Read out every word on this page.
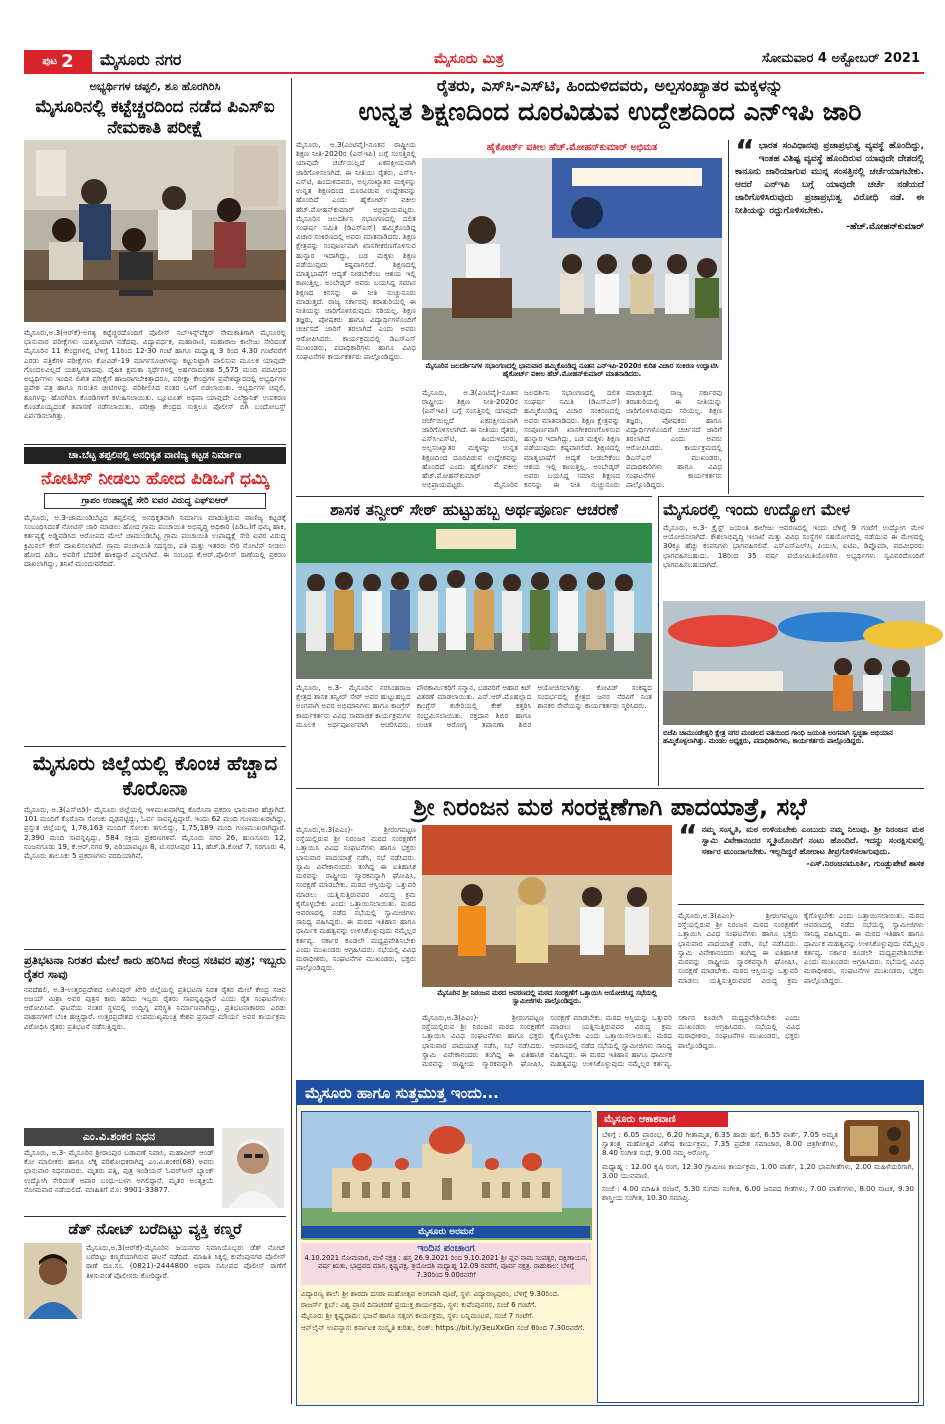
ಪುಟ 2 ಮೈಸೂರು ನಗರ	ಮೈಸೂರು ಮಿತ್ರ	ಸೋಮವಾರ 4 ಅಕ್ಟೋಬರ್ 2021
ಅಭ್ಯರ್ಥಿಗಳ ಚಪ್ಪಲಿ, ಶೂ ಹೊರಗಿರಿಸಿ
ಮೈಸೂರಿನಲ್ಲಿ ಕಟ್ಟೆಚ್ಚರದಿಂದ ನಡೆದ ಪಿಎಸ್‌ಐ ನೇಮಕಾತಿ ಪರೀಕ್ಷೆ
ಮೈಸೂರು,ಅ.3(ಆರ್‌ಕೆ)-ಅಗತ್ಯ ಕಟ್ಟೆಚ್ಚರದೊಂದಿಗೆ ಪೊಲೀಸ್ ಸಬ್‌ಇನ್ಸ್‌ಪೆಕ್ಟರ್ ನೇಮಕಾತಿಗಾಗಿ ಮೈಸೂರಲ್ಲಿ ಭಾನುವಾರ ಪರೀಕ್ಷೆಗಳು ಯಶಸ್ವಿಯಾಗಿ ನಡೆದವು. ವಿದ್ಯಾವರ್ಧಕ, ಮಹಾರಾಣಿ, ಮಹಾರಾಜ ಕಾಲೇಜು ಸೇರಿದಂತೆ ಮೈಸೂರಿನ 11 ಕೇಂದ್ರಗಳಲ್ಲಿ ಬೆಳಿಗ್ಗೆ 11ರಿಂದ 12-30 ಗಂಟೆ ಹಾಗೂ ಮಧ್ಯಾಹ್ನ 3 ರಿಂದ 4.30 ಗಂಟೆವರೆಗೆ ಎರಡು ಪತ್ರಿಕೆಗಳ ಪರೀಕ್ಷೆಗಳು ಕೋವಿಡ್-19 ಮಾರ್ಗಸೂಚಿಗಳನ್ನು ಕಟ್ಟುನಿಟ್ಟಾಗಿ ಪಾಲಿಸುವ ಮೂಲಕ ಯಾವುದೇ ಗೊಂದಲವಿಲ್ಲದೆ ಯಶಸ್ವಿಯಾದವು. ದೈಹಿಕ ಕ್ಷಮತಾ ಸ್ಪರ್ಧೆಗಳಲ್ಲಿ ಅರ್ಹರಾದಂತಹ 5,575 ಮಂದಿ ಪದವೀಧರ ಅಭ್ಯರ್ಥಿಗಳು ಇಂದಿನ ಲಿಖಿತ ಪರೀಕ್ಷೆಗೆ ಹಾಜರಾಗಬೇಕಿತ್ತಾದರೂ, ಪರೀಕ್ಷಾ ಕೇಂದ್ರಗಳ ಪ್ರವೇಶದ್ವಾರದಲ್ಲಿ ಅಭ್ಯರ್ಥಿಗಳ ಪ್ರವೇಶ ಪತ್ರ ಹಾಗೂ ಗುರುತಿನ ಚೀಟಿಗಳನ್ನು ಪರಿಶೀಲಿಸಿದ ನಂತರ ಒಳಗೆ ಬಿಡಲಾಯಿತು. ಅಭ್ಯರ್ಥಿಗಳ ಚಪ್ಪಲಿ, ಶೂಗಳನ್ನು ಹೊರಗಿರಿಸಿ ಕೊಠಡಿಗಳಿಗೆ ಕಳುಹಿಸಲಾಯಿತು. ಬ್ಲೂಟೂತ್ ಅಥವಾ ಯಾವುದೇ ಎಲೆಕ್ಟ್ರಾನಿಕ್ ಉಪಕರಣ ಕೊಂಡೊಯ್ಯದಂತೆ ತಪಾಸಣೆ ನಡೆಸಲಾಯಿತು. ಪರೀಕ್ಷಾ ಕೇಂದ್ರದ ಸುತ್ತಲೂ ಪೊಲೀಸ್ ಬಿಗಿ ಬಂದೋಬಸ್ತ್ ಏರ್ಪಡಿಸಲಾಗಿತ್ತು.
ಚಾ.ಬೆಟ್ಟ ತಪ್ಪಲಿನಲ್ಲಿ ಅನಧಿಕೃತ ವಾಣಿಜ್ಯ ಕಟ್ಟಡ ನಿರ್ಮಾಣ
ನೋಟಿಸ್ ನೀಡಲು ಹೋದ ಪಿಡಿಒಗೆ ಧಮ್ಕಿ
ಗ್ರಾಪಂ ಉಪಾಧ್ಯಕ್ಷೆ ಸೇರಿ ಐವರ ವಿರುದ್ಧ ಎಫ್‌ಐಆರ್
ಮೈಸೂರು, ಅ.3-ಚಾಮುಂಡಿಬೆಟ್ಟದ ತಪ್ಪಲಿನಲ್ಲಿ ಅನಧಿಕೃತವಾಗಿ ನಿರ್ಮಾಣ ಮಾಡುತ್ತಿರುವ ವಾಣಿಜ್ಯ ಕಟ್ಟಡಕ್ಕೆ ಸಂಬಂಧಿಸಿದಂತೆ ನೋಟಿಸ್ ಜಾರಿ ಮಾಡಲು ಹೋದ ಗ್ರಾಮ ಪಂಚಾಯಿತಿ ಅಭಿವೃದ್ಧಿ ಅಧಿಕಾರಿ (ಪಿಡಿಒ)ಗೆ ಧಮ್ಕಿ ಹಾಕಿ, ಕರ್ತವ್ಯಕ್ಕೆ ಅಡ್ಡಿಪಡಿಸಿದ ಆರೋಪದ ಮೇಲೆ ಚಾಮುಂಡಿಬೆಟ್ಟ ಗ್ರಾಮ ಪಂಚಾಯಿತಿ ಉಪಾಧ್ಯಕ್ಷೆ ಸೇರಿ ಐವರ ವಿರುದ್ಧ ಕ್ರಿಮಿನಲ್ ಕೇಸ್ ದಾಖಲಿಸಲಾಗಿದೆ. ಗ್ರಾಮ ಪಂಚಾಯಿತಿ ಸದಸ್ಯರು, ಪತಿ ಮತ್ತು ಇತರರು ಸೇರಿ ನೋಟಿಸ್ ನೀಡಲು ಹೋದ ಪಿಡಿಒ ಅವರಿಗೆ ಬೆದರಿಕೆ ಹಾಕಿದ್ದಾರೆ ಎನ್ನಲಾಗಿದೆ. ಈ ಸಂಬಂಧ ಕೆ.ಆರ್.ಪೊಲೀಸ್ ಠಾಣೆಯಲ್ಲಿ ಪ್ರಕರಣ ದಾಖಲಾಗಿದ್ದು, ತನಿಖೆ ಮುಂದುವರೆದಿದೆ.
ಮೈಸೂರು ಜಿಲ್ಲೆಯಲ್ಲಿ ಕೊಂಚ ಹೆಚ್ಚಾದ ಕೊರೊನಾ
ಮೈಸೂರು, ಅ.3(ಎಸ್‌ಬಿಡಿ)- ಮೈಸೂರು ಜಿಲ್ಲೆಯಲ್ಲಿ ಇಳಿಮುಖವಾಗಿದ್ದ ಕೊರೊನಾ ಪ್ರಕರಣ ಭಾನುವಾರ ಹೆಚ್ಚಾಗಿದೆ. 101 ಮಂದಿಗೆ ಕೊರೊನಾ ಸೋಂಕು ದೃಢಪಟ್ಟಿದ್ದು, ಓರ್ವ ಸಾವನ್ನಪ್ಪಿದ್ದಾರೆ. ಇಂದು 62 ಮಂದಿ ಗುಣಮುಖರಾಗಿದ್ದು, ಪ್ರಸ್ತುತ ಜಿಲ್ಲೆಯಲ್ಲಿ 1,78,163 ಮಂದಿಗೆ ಸೋಂಕು ತಗುಲಿದ್ದು, 1,75,189 ಮಂದಿ ಗುಣಮುಖರಾಗಿದ್ದಾರೆ. 2,390 ಮಂದಿ ಸಾವನ್ನಪ್ಪಿದ್ದು, 584 ಸಕ್ರಿಯ ಪ್ರಕರಣಗಳಿವೆ. ಮೈಸೂರು ನಗರ 26, ಹುಣಸೂರು 12, ನಂಜನಗೂಡು 19, ಕೆ.ಆರ್.ನಗರ 9, ಪಿರಿಯಾಪಟ್ಟಣ 8, ಟಿ.ನರಸೀಪುರ 11, ಹೆಚ್.ಡಿ.ಕೋಟೆ 7, ಸರಗೂರು 4, ಮೈಸೂರು ತಾಲೂಕು 5 ಪ್ರಕರಣಗಳು ವರದಿಯಾಗಿವೆ.
ಪ್ರತಿಭಟನಾ ನಿರತರ ಮೇಲೆ ಕಾರು ಹರಿಸಿದ ಕೇಂದ್ರ ಸಚಿವರ ಪುತ್ರ; ಇಬ್ಬರು ರೈತರ ಸಾವು
ನವದೆಹಲಿ, ಅ.3-ಉತ್ತರಪ್ರದೇಶದ ಲಖಿಂಪುರ್ ಖೇರಿ ಜಿಲ್ಲೆಯಲ್ಲಿ ಪ್ರತಿಭಟನಾ ನಿರತ ರೈತರ ಮೇಲೆ ಕೇಂದ್ರ ಸಚಿವ ಅಜಯ್ ಮಿಶ್ರಾ ಅವರ ಪುತ್ರನ ಕಾರು ಹರಿದು ಇಬ್ಬರು ರೈತರು ಸಾವನ್ನಪ್ಪಿದ್ದಾರೆ ಎಂದು ರೈತ ಸಂಘಟನೆಗಳು ಆರೋಪಿಸಿವೆ. ಘಟನೆಯ ನಂತರ ಸ್ಥಳದಲ್ಲಿ ಉದ್ವಿಗ್ನ ಪರಿಸ್ಥಿತಿ ನಿರ್ಮಾಣವಾಗಿದ್ದು, ಪ್ರತಿಭಟನಾಕಾರರು ಎರಡು ವಾಹನಗಳಿಗೆ ಬೆಂಕಿ ಹಚ್ಚಿದ್ದಾರೆ. ಉತ್ತರಪ್ರದೇಶದ ಉಪಮುಖ್ಯಮಂತ್ರಿ ಕೇಶವ ಪ್ರಸಾದ್ ಮೌರ್ಯ ಅವರ ಕಾರ್ಯಕ್ರಮ ವಿರೋಧಿಸಿ ರೈತರು ಪ್ರತಿಭಟನೆ ನಡೆಸುತ್ತಿದ್ದರು.
ಎಂ.ವಿ.ಶಂಕರ ನಿಧನ
ಮೈಸೂರು, ಅ.3- ಮೈಸೂರಿನ ಶ್ರೀರಾಂಪುರ ಬಡಾವಣೆ ನಿವಾಸಿ, ಮಹಾವೀರ್ ಆಂಡ್ ಕೋ ಮಾಲೀಕರು ಹಾಗೂ ಲೆಕ್ಕ ಪರಿಶೋಧಕರಾಗಿದ್ದ ಎಂ.ವಿ.ಶಂಕರ(68) ಅವರು ಭಾನುವಾರ ನಿಧನರಾದರು. ಮೃತರು ಪತ್ನಿ, ಪುತ್ರ ಇಂಡಿಯನ್ ಓವರ್‌ಸೀಸ್ ಬ್ಯಾಂಕ್ ಉದ್ಯೋಗಿ ಸೇರಿದಂತೆ ಅಪಾರ ಬಂಧು-ಬಳಗ ಅಗಲಿದ್ದಾರೆ. ಮೃತರ ಅಂತ್ಯಕ್ರಿಯೆ ಸೋಮವಾರ ನಡೆಯಲಿದೆ. ಮಾಹಿತಿಗೆ ಮೊ: 9901-33877.
ಡೆತ್ ನೋಟ್ ಬರೆದಿಟ್ಟು ವ್ಯಕ್ತಿ ಕಣ್ಮರೆ
ಮೈಸೂರು,ಅ.3(ಆರ್‌ಕೆ)-ಮೈಸೂರಿನ ಜಯನಗರ ನಿವಾಸಿಯೊಬ್ಬರು ಡೆತ್ ನೋಟ್ ಬರೆದಿಟ್ಟು ಕಣ್ಮರೆಯಾಗಿರುವ ಘಟನೆ ನಡೆದಿದೆ. ಮಾಹಿತಿ ಸಿಕ್ಕಲ್ಲಿ ಕುವೆಂಪುನಗರ ಪೊಲೀಸ್ ಠಾಣೆ ದೂ.ಸಂ. (0821)-2444800 ಅಥವಾ ಸಮೀಪದ ಪೊಲೀಸ್ ಠಾಣೆಗೆ ತಿಳಿಸುವಂತೆ ಪೊಲೀಸರು ಕೋರಿದ್ದಾರೆ.
ರೈತರು, ಎಸ್‌ಸಿ-ಎಸ್‌ಟಿ, ಹಿಂದುಳಿದವರು, ಅಲ್ಪಸಂಖ್ಯಾತರ ಮಕ್ಕಳನ್ನು
ಉನ್ನತ ಶಿಕ್ಷಣದಿಂದ ದೂರವಿಡುವ ಉದ್ದೇಶದಿಂದ ಎನ್‌ಇಪಿ ಜಾರಿ
ಮೈಸೂರು, ಅ.3(ಎಂಟಿವೈ)-ನೂತನ ರಾಷ್ಟ್ರೀಯ ಶಿಕ್ಷಣ ನೀತಿ-2020ರ (ಎನ್‌ಇಪಿ) ಬಗ್ಗೆ ಸಂಸತ್ತಿನಲ್ಲಿ ಯಾವುದೇ ಚರ್ಚೆಯಿಲ್ಲದೆ ಏಕಪಕ್ಷೀಯವಾಗಿ ಜಾರಿಗೊಳಿಸಲಾಗಿದೆ. ಈ ನೀತಿಯು ರೈತರು, ಎಸ್‌ಸಿ-ಎಸ್‌ಟಿ, ಹಿಂದುಳಿದವರು, ಅಲ್ಪಸಂಖ್ಯಾತರ ಮಕ್ಕಳನ್ನು ಉನ್ನತ ಶಿಕ್ಷಣದಿಂದ ದೂರವಿಡುವ ಉದ್ದೇಶವನ್ನು ಹೊಂದಿದೆ ಎಂದು ಹೈಕೋರ್ಟ್ ವಕೀಲ ಹೆಚ್.ಮೋಹನ್‌ಕುಮಾರ್ ಅಭಿಪ್ರಾಯಪಟ್ಟರು. ಮೈಸೂರಿನ ಜಲದರ್ಶಿನಿ ಸಭಾಂಗಣದಲ್ಲಿ ದಲಿತ ಸಂಘರ್ಷ ಸಮಿತಿ (ಡಿಎಸ್‌ಎಸ್) ಹಮ್ಮಿಕೊಂಡಿದ್ದ ವಿಚಾರ ಸಂಕಿರಣದಲ್ಲಿ ಅವರು ಮಾತನಾಡಿದರು. ಶಿಕ್ಷಣ ಕ್ಷೇತ್ರವನ್ನು ಸಂಪೂರ್ಣವಾಗಿ ಖಾಸಗೀಕರಣಗೊಳಿಸುವ ಹುನ್ನಾರ ಇದಾಗಿದ್ದು, ಬಡ ಮಕ್ಕಳು ಶಿಕ್ಷಣ ಪಡೆಯುವುದು ಕಷ್ಟವಾಗಲಿದೆ. ಶಿಕ್ಷಣದಲ್ಲಿ ಮಾತೃಭಾಷೆಗೆ ಆದ್ಯತೆ ನೀಡಬೇಕೆಂಬ ಆಶಯ ಇಲ್ಲಿ ಕಾಣುತ್ತಿಲ್ಲ. ಅಂಬೇಡ್ಕರ್ ಅವರು ಬಯಸಿದ್ದ ಸಮಾನ ಶಿಕ್ಷಣದ ಕನಸನ್ನು ಈ ನೀತಿ ನುಚ್ಚುನೂರು ಮಾಡುತ್ತದೆ. ರಾಜ್ಯ ಸರ್ಕಾರವು ತರಾತುರಿಯಲ್ಲಿ ಈ ನೀತಿಯನ್ನು ಜಾರಿಗೊಳಿಸಿರುವುದು ಸರಿಯಲ್ಲ. ಶಿಕ್ಷಣ ತಜ್ಞರು, ಪೋಷಕರು ಹಾಗೂ ವಿದ್ಯಾರ್ಥಿಗಳೊಂದಿಗೆ ಚರ್ಚಿಸದೆ ಜಾರಿಗೆ ತರಲಾಗಿದೆ ಎಂದು ಅವರು ಆರೋಪಿಸಿದರು. ಕಾರ್ಯಕ್ರಮದಲ್ಲಿ ಡಿಎಸ್‌ಎಸ್ ಮುಖಂಡರು, ಪದಾಧಿಕಾರಿಗಳು ಹಾಗೂ ವಿವಿಧ ಸಂಘಟನೆಗಳ ಕಾರ್ಯಕರ್ತರು ಪಾಲ್ಗೊಂಡಿದ್ದರು.
ಹೈಕೋರ್ಟ್ ವಕೀಲ ಹೆಚ್.ಮೋಹನ್‌ಕುಮಾರ್ ಅಭಿಮತ
ಮೈಸೂರಿನ ಜಲದರ್ಶಿನಿಗಳ ಸಭಾಂಗಣದಲ್ಲಿ ಭಾನುವಾರ ಹಮ್ಮಿಕೊಂಡಿದ್ದ ನೂತನ ಎನ್‌ಇಪಿ-2020ರ ಕುರಿತ ವಿಚಾರ ಸಂಕಿರಣ ಉದ್ಘಾಟಿಸಿ ಹೈಕೋರ್ಟ್ ವಕೀಲ ಹೆಚ್.ಮೋಹನ್‌ಕುಮಾರ್ ಮಾತನಾಡಿದರು.
ಮೈಸೂರು, ಅ.3(ಎಂಟಿವೈ)-ನೂತನ ರಾಷ್ಟ್ರೀಯ ಶಿಕ್ಷಣ ನೀತಿ-2020ರ (ಎನ್‌ಇಪಿ) ಬಗ್ಗೆ ಸಂಸತ್ತಿನಲ್ಲಿ ಯಾವುದೇ ಚರ್ಚೆಯಿಲ್ಲದೆ ಏಕಪಕ್ಷೀಯವಾಗಿ ಜಾರಿಗೊಳಿಸಲಾಗಿದೆ. ಈ ನೀತಿಯು ರೈತರು, ಎಸ್‌ಸಿ-ಎಸ್‌ಟಿ, ಹಿಂದುಳಿದವರು, ಅಲ್ಪಸಂಖ್ಯಾತರ ಮಕ್ಕಳನ್ನು ಉನ್ನತ ಶಿಕ್ಷಣದಿಂದ ದೂರವಿಡುವ ಉದ್ದೇಶವನ್ನು ಹೊಂದಿದೆ ಎಂದು ಹೈಕೋರ್ಟ್ ವಕೀಲ ಹೆಚ್.ಮೋಹನ್‌ಕುಮಾರ್ ಅಭಿಪ್ರಾಯಪಟ್ಟರು. ಮೈಸೂರಿನ ಜಲದರ್ಶಿನಿ ಸಭಾಂಗಣದಲ್ಲಿ ದಲಿತ ಸಂಘರ್ಷ ಸಮಿತಿ (ಡಿಎಸ್‌ಎಸ್) ಹಮ್ಮಿಕೊಂಡಿದ್ದ ವಿಚಾರ ಸಂಕಿರಣದಲ್ಲಿ ಅವರು ಮಾತನಾಡಿದರು. ಶಿಕ್ಷಣ ಕ್ಷೇತ್ರವನ್ನು ಸಂಪೂರ್ಣವಾಗಿ ಖಾಸಗೀಕರಣಗೊಳಿಸುವ ಹುನ್ನಾರ ಇದಾಗಿದ್ದು, ಬಡ ಮಕ್ಕಳು ಶಿಕ್ಷಣ ಪಡೆಯುವುದು ಕಷ್ಟವಾಗಲಿದೆ. ಶಿಕ್ಷಣದಲ್ಲಿ ಮಾತೃಭಾಷೆಗೆ ಆದ್ಯತೆ ನೀಡಬೇಕೆಂಬ ಆಶಯ ಇಲ್ಲಿ ಕಾಣುತ್ತಿಲ್ಲ. ಅಂಬೇಡ್ಕರ್ ಅವರು ಬಯಸಿದ್ದ ಸಮಾನ ಶಿಕ್ಷಣದ ಕನಸನ್ನು ಈ ನೀತಿ ನುಚ್ಚುನೂರು ಮಾಡುತ್ತದೆ. ರಾಜ್ಯ ಸರ್ಕಾರವು ತರಾತುರಿಯಲ್ಲಿ ಈ ನೀತಿಯನ್ನು ಜಾರಿಗೊಳಿಸಿರುವುದು ಸರಿಯಲ್ಲ. ಶಿಕ್ಷಣ ತಜ್ಞರು, ಪೋಷಕರು ಹಾಗೂ ವಿದ್ಯಾರ್ಥಿಗಳೊಂದಿಗೆ ಚರ್ಚಿಸದೆ ಜಾರಿಗೆ ತರಲಾಗಿದೆ ಎಂದು ಅವರು ಆರೋಪಿಸಿದರು. ಕಾರ್ಯಕ್ರಮದಲ್ಲಿ ಡಿಎಸ್‌ಎಸ್ ಮುಖಂಡರು, ಪದಾಧಿಕಾರಿಗಳು ಹಾಗೂ ವಿವಿಧ ಸಂಘಟನೆಗಳ ಕಾರ್ಯಕರ್ತರು ಪಾಲ್ಗೊಂಡಿದ್ದರು.
“ ಭಾರತ ಸಂವಿಧಾನವು ಪ್ರಜಾಪ್ರಭುತ್ವ ವ್ಯವಸ್ಥೆ ಹೊಂದಿದ್ದು, ಇಂತಹ ವಿಶಿಷ್ಟ ವ್ಯವಸ್ಥೆ ಹೊಂದಿರುವ ಯಾವುದೇ ದೇಶದಲ್ಲಿ ಕಾನೂನು ಜಾರಿಯಾಗುವ ಮುನ್ನ ಸಂಸತ್ತಿನಲ್ಲಿ ಚರ್ಚೆಯಾಗಬೇಕು. ಆದರೆ ಎನ್‌ಇಪಿ ಬಗ್ಗೆ ಯಾವುದೇ ಚರ್ಚೆ ನಡೆಯದೆ ಜಾರಿಗೊಳಿಸಿರುವುದು ಪ್ರಜಾಪ್ರಭುತ್ವ ವಿರೋಧಿ ನಡೆ. ಈ ನೀತಿಯನ್ನು ರದ್ದುಗೊಳಿಸಬೇಕು.
-ಹೆಚ್.ಮೋಹನ್‌ಕುಮಾರ್
ಶಾಸಕ ತನ್ವೀರ್ ಸೇಠ್ ಹುಟ್ಟುಹಬ್ಬ ಅರ್ಥಪೂರ್ಣ ಆಚರಣೆ
ಮೈಸೂರು, ಅ.3- ಮೈಸೂರಿನ ನರಸಿಂಹರಾಜ ಕ್ಷೇತ್ರದ ಶಾಸಕ ತನ್ವೀರ್ ಸೇಠ್ ಅವರ ಹುಟ್ಟುಹಬ್ಬದ ಅಂಗವಾಗಿ ಅವರ ಅಭಿಮಾನಿಗಳು ಹಾಗೂ ಕಾಂಗ್ರೆಸ್ ಕಾರ್ಯಕರ್ತರು ವಿವಿಧ ಸಾಮಾಜಿಕ ಕಾರ್ಯಕ್ರಮಗಳ ಮೂಲಕ ಅರ್ಥಪೂರ್ಣವಾಗಿ ಆಚರಿಸಿದರು. ಪೌರಕಾರ್ಮಿಕರಿಗೆ ಸನ್ಮಾನ, ಬಡವರಿಗೆ ಆಹಾರ ಕಿಟ್ ವಿತರಣೆ ಮಾಡಲಾಯಿತು. ಎನ್.ಆರ್.ಮೊಹಲ್ಲಾದ ಕಾಂಗ್ರೆಸ್ ಕಚೇರಿಯಲ್ಲಿ ಕೇಕ್ ಕತ್ತರಿಸಿ ಸಂಭ್ರಮಿಸಲಾಯಿತು. ರಕ್ತದಾನ ಶಿಬಿರ ಹಾಗೂ ಉಚಿತ ಆರೋಗ್ಯ ತಪಾಸಣಾ ಶಿಬಿರ ಆಯೋಜಿಸಲಾಗಿತ್ತು. ಕೋವಿಡ್ ಸಂಕಷ್ಟದ ಸಂದರ್ಭದಲ್ಲಿ ಕ್ಷೇತ್ರದ ಜನರ ನೆರವಿಗೆ ನಿಂತ ಶಾಸಕರ ಸೇವೆಯನ್ನು ಕಾರ್ಯಕರ್ತರು ಸ್ಮರಿಸಿದರು.
ಮೈಸೂರಲ್ಲಿ ಇಂದು ಉದ್ಯೋಗ ಮೇಳ
ಮೈಸೂರು, ಅ.3- ಕ್ರೈಸ್ಟ್ ಜಯಂತಿ ಕಾಲೇಜು ಆವರಣದಲ್ಲಿ ಇಂದು ಬೆಳಿಗ್ಗೆ 9 ಗಂಟೆಗೆ ಉದ್ಯೋಗ ಮೇಳ ಆಯೋಜಿಸಲಾಗಿದೆ. ಕೌಶಲಾಭಿವೃದ್ಧಿ ಇಲಾಖೆ ಮತ್ತು ವಿವಿಧ ಸಂಸ್ಥೆಗಳ ಸಹಯೋಗದಲ್ಲಿ ನಡೆಯುವ ಈ ಮೇಳದಲ್ಲಿ 30ಕ್ಕೂ ಹೆಚ್ಚು ಕಂಪನಿಗಳು ಭಾಗವಹಿಸಲಿವೆ. ಎಸ್‌ಎಸ್‌ಎಲ್‌ಸಿ, ಪಿಯುಸಿ, ಐಟಿಐ, ಡಿಪ್ಲೊಮಾ, ಪದವೀಧರರು ಭಾಗವಹಿಸಬಹುದು. 18ರಿಂದ 35 ವರ್ಷ ವಯೋಮಿತಿಯೊಳಗಿನ ಅಭ್ಯರ್ಥಿಗಳು ಸ್ವವಿವರದೊಂದಿಗೆ ಭಾಗವಹಿಸಬಹುದಾಗಿದೆ.
ಬಿಜೆಪಿ ಚಾಮುಂಡೇಶ್ವರಿ ಕ್ಷೇತ್ರ ನಗರ ಮಂಡಲದ ವತಿಯಿಂದ ಗಾಂಧಿ ಜಯಂತಿ ಅಂಗವಾಗಿ ಸ್ವಚ್ಛತಾ ಅಭಿಯಾನ ಹಮ್ಮಿಕೊಳ್ಳಲಾಗಿತ್ತು. ಮಂಡಲ ಅಧ್ಯಕ್ಷರು, ಪದಾಧಿಕಾರಿಗಳು, ಕಾರ್ಯಕರ್ತರು ಪಾಲ್ಗೊಂಡಿದ್ದರು.
ಶ್ರೀ ನಿರಂಜನ ಮಠ ಸಂರಕ್ಷಣೆಗಾಗಿ ಪಾದಯಾತ್ರೆ, ಸಭೆ
ಮೈಸೂರು,ಅ.3(ಪಿಎಂ)- ಶ್ರೀರಂಗಪಟ್ಟಣ ರಸ್ತೆಯಲ್ಲಿರುವ ಶ್ರೀ ನಿರಂಜನ ಮಠದ ಸಂರಕ್ಷಣೆಗೆ ಒತ್ತಾಯಿಸಿ ವಿವಿಧ ಸಂಘಟನೆಗಳು ಹಾಗೂ ಭಕ್ತರು ಭಾನುವಾರ ಪಾದಯಾತ್ರೆ ನಡೆಸಿ, ಸಭೆ ನಡೆಸಿದರು. ಸ್ವಾಮಿ ವಿವೇಕಾನಂದರು ತಂಗಿದ್ದ ಈ ಐತಿಹಾಸಿಕ ಮಠವನ್ನು ರಾಷ್ಟ್ರೀಯ ಸ್ಮಾರಕವನ್ನಾಗಿ ಘೋಷಿಸಿ, ಸಂರಕ್ಷಣೆ ಮಾಡಬೇಕು. ಮಠದ ಆಸ್ತಿಯನ್ನು ಒತ್ತುವರಿ ಮಾಡಲು ಯತ್ನಿಸುತ್ತಿರುವವರ ವಿರುದ್ಧ ಕ್ರಮ ಕೈಗೊಳ್ಳಬೇಕು ಎಂದು ಒತ್ತಾಯಿಸಲಾಯಿತು. ಮಠದ ಆವರಣದಲ್ಲಿ ನಡೆದ ಸಭೆಯಲ್ಲಿ ಸ್ವಾಮೀಜಿಗಳು ಸಾನಿಧ್ಯ ವಹಿಸಿದ್ದರು. ಈ ಮಠದ ಇತಿಹಾಸ ಹಾಗೂ ಧಾರ್ಮಿಕ ಮಹತ್ವವನ್ನು ಉಳಿಸಿಕೊಳ್ಳುವುದು ನಮ್ಮೆಲ್ಲರ ಕರ್ತವ್ಯ. ಸರ್ಕಾರ ಕೂಡಲೇ ಮಧ್ಯಪ್ರವೇಶಿಸಬೇಕು ಎಂದು ಮುಖಂಡರು ಆಗ್ರಹಿಸಿದರು. ಸಭೆಯಲ್ಲಿ ವಿವಿಧ ಮಠಾಧೀಶರು, ಸಂಘಟನೆಗಳ ಮುಖಂಡರು, ಭಕ್ತರು ಪಾಲ್ಗೊಂಡಿದ್ದರು.
ಮೈಸೂರಿನ ಶ್ರೀ ನಿರಂಜನ ಮಠದ ಆವರಣದಲ್ಲಿ ಮಠದ ಸಂರಕ್ಷಣೆಗೆ ಒತ್ತಾಯಿಸಿ ಆಯೋಜಿಸಿದ್ದ ಸಭೆಯಲ್ಲಿ ಸ್ವಾಮೀಜಿಗಳು ಪಾಲ್ಗೊಂಡಿದ್ದರು.
ಮೈಸೂರು,ಅ.3(ಪಿಎಂ)- ಶ್ರೀರಂಗಪಟ್ಟಣ ರಸ್ತೆಯಲ್ಲಿರುವ ಶ್ರೀ ನಿರಂಜನ ಮಠದ ಸಂರಕ್ಷಣೆಗೆ ಒತ್ತಾಯಿಸಿ ವಿವಿಧ ಸಂಘಟನೆಗಳು ಹಾಗೂ ಭಕ್ತರು ಭಾನುವಾರ ಪಾದಯಾತ್ರೆ ನಡೆಸಿ, ಸಭೆ ನಡೆಸಿದರು. ಸ್ವಾಮಿ ವಿವೇಕಾನಂದರು ತಂಗಿದ್ದ ಈ ಐತಿಹಾಸಿಕ ಮಠವನ್ನು ರಾಷ್ಟ್ರೀಯ ಸ್ಮಾರಕವನ್ನಾಗಿ ಘೋಷಿಸಿ, ಸಂರಕ್ಷಣೆ ಮಾಡಬೇಕು. ಮಠದ ಆಸ್ತಿಯನ್ನು ಒತ್ತುವರಿ ಮಾಡಲು ಯತ್ನಿಸುತ್ತಿರುವವರ ವಿರುದ್ಧ ಕ್ರಮ ಕೈಗೊಳ್ಳಬೇಕು ಎಂದು ಒತ್ತಾಯಿಸಲಾಯಿತು. ಮಠದ ಆವರಣದಲ್ಲಿ ನಡೆದ ಸಭೆಯಲ್ಲಿ ಸ್ವಾಮೀಜಿಗಳು ಸಾನಿಧ್ಯ ವಹಿಸಿದ್ದರು. ಈ ಮಠದ ಇತಿಹಾಸ ಹಾಗೂ ಧಾರ್ಮಿಕ ಮಹತ್ವವನ್ನು ಉಳಿಸಿಕೊಳ್ಳುವುದು ನಮ್ಮೆಲ್ಲರ ಕರ್ತವ್ಯ. ಸರ್ಕಾರ ಕೂಡಲೇ ಮಧ್ಯಪ್ರವೇಶಿಸಬೇಕು ಎಂದು ಮುಖಂಡರು ಆಗ್ರಹಿಸಿದರು. ಸಭೆಯಲ್ಲಿ ವಿವಿಧ ಮಠಾಧೀಶರು, ಸಂಘಟನೆಗಳ ಮುಖಂಡರು, ಭಕ್ತರು ಪಾಲ್ಗೊಂಡಿದ್ದರು.
“ ನಮ್ಮ ಸಂಸ್ಕೃತಿ, ಮಠ ಉಳಿಯಬೇಕು ಎಂಬುದು ನಮ್ಮ ನಿಲುವು. ಶ್ರೀ ನಿರಂಜನ ಮಠ ಸ್ವಾಮಿ ವಿವೇಕಾನಂದರ ಸ್ಮೃತಿಯೊಂದಿಗೆ ನಂಟು ಹೊಂದಿದೆ. ಇದನ್ನು ಸಂರಕ್ಷಿಸುವಲ್ಲಿ ಸರ್ಕಾರ ಮುಂದಾಗಬೇಕು. ಇಲ್ಲದಿದ್ದರೆ ಹೋರಾಟ ತೀವ್ರಗೊಳಿಸಲಾಗುವುದು.
-ಎಸ್.ನಿರಂಜನಮೂರ್ತಿ, ಗುಂಡ್ಲುಪೇಟೆ ಶಾಸಕ
ಮೈಸೂರು,ಅ.3(ಪಿಎಂ)- ಶ್ರೀರಂಗಪಟ್ಟಣ ರಸ್ತೆಯಲ್ಲಿರುವ ಶ್ರೀ ನಿರಂಜನ ಮಠದ ಸಂರಕ್ಷಣೆಗೆ ಒತ್ತಾಯಿಸಿ ವಿವಿಧ ಸಂಘಟನೆಗಳು ಹಾಗೂ ಭಕ್ತರು ಭಾನುವಾರ ಪಾದಯಾತ್ರೆ ನಡೆಸಿ, ಸಭೆ ನಡೆಸಿದರು. ಸ್ವಾಮಿ ವಿವೇಕಾನಂದರು ತಂಗಿದ್ದ ಈ ಐತಿಹಾಸಿಕ ಮಠವನ್ನು ರಾಷ್ಟ್ರೀಯ ಸ್ಮಾರಕವನ್ನಾಗಿ ಘೋಷಿಸಿ, ಸಂರಕ್ಷಣೆ ಮಾಡಬೇಕು. ಮಠದ ಆಸ್ತಿಯನ್ನು ಒತ್ತುವರಿ ಮಾಡಲು ಯತ್ನಿಸುತ್ತಿರುವವರ ವಿರುದ್ಧ ಕ್ರಮ ಕೈಗೊಳ್ಳಬೇಕು ಎಂದು ಒತ್ತಾಯಿಸಲಾಯಿತು. ಮಠದ ಆವರಣದಲ್ಲಿ ನಡೆದ ಸಭೆಯಲ್ಲಿ ಸ್ವಾಮೀಜಿಗಳು ಸಾನಿಧ್ಯ ವಹಿಸಿದ್ದರು. ಈ ಮಠದ ಇತಿಹಾಸ ಹಾಗೂ ಧಾರ್ಮಿಕ ಮಹತ್ವವನ್ನು ಉಳಿಸಿಕೊಳ್ಳುವುದು ನಮ್ಮೆಲ್ಲರ ಕರ್ತವ್ಯ. ಸರ್ಕಾರ ಕೂಡಲೇ ಮಧ್ಯಪ್ರವೇಶಿಸಬೇಕು ಎಂದು ಮುಖಂಡರು ಆಗ್ರಹಿಸಿದರು. ಸಭೆಯಲ್ಲಿ ವಿವಿಧ ಮಠಾಧೀಶರು, ಸಂಘಟನೆಗಳ ಮುಖಂಡರು, ಭಕ್ತರು ಪಾಲ್ಗೊಂಡಿದ್ದರು.
ಮೈಸೂರು ಹಾಗೂ ಸುತ್ತಮುತ್ತ ಇಂದು...
ಮೈಸೂರು ಅರಮನೆ
ಇಂದಿನ ಪಂಚಾಂಗ
4.10.2021 ಸೋಮವಾರ, ಮಳೆ ನಕ್ಷತ್ರ : ಹಸ್ತ 26.9.2021 ರಿಂದ 9.10.2021 ಶ್ರೀ ಪ್ಲವ ನಾಮ ಸಂವತ್ಸರ, ದಕ್ಷಿಣಾಯನ, ವರ್ಷ ಋತು, ಭಾದ್ರಪದ ಮಾಸ, ಕೃಷ್ಣಪಕ್ಷ, ತ್ರಯೋದಶಿ ಮಧ್ಯಾಹ್ನ 12.09 ರವರೆಗೆ, ಪೂರ್ವ ನಕ್ಷತ್ರ. ರಾಹುಕಾಲ: ಬೆಳಿಗ್ಗೆ 7.30ರಿಂದ 9.00ರವರೆಗೆ
ವಿದ್ಯಾರಣ್ಯ ಶಾಲೆ: ಶ್ರೀ ಶಾರದಾ ದಸರಾ ಮಹೋತ್ಸವ ಅಂಗವಾಗಿ ಪೂಜೆ, ಸ್ಥಳ: ವಿದ್ಯಾರಣ್ಯಪುರಂ, ಬೆಳಿಗ್ಗೆ 9.30ರಿಂದ.
ರಾಜರ್ಸ್ ಕ್ಲಬ್: ವಿಶ್ವ ಪ್ರಾಣಿ ದಿನಾಚರಣೆ ಪ್ರಯುಕ್ತ ಕಾರ್ಯಕ್ರಮ, ಸ್ಥಳ: ಕುವೆಂಪುನಗರ, ಸಂಜೆ 6 ಗಂಟೆಗೆ.
ಮೈಸೂರು ಶ್ರೀ ಕೃಷ್ಣಧಾಮ: ಭಜನೆ ಹಾಗೂ ಸತ್ಸಂಗ ಕಾರ್ಯಕ್ರಮ, ಸ್ಥಳ: ಬನ್ನಿಮಂಟಪ, ಸಂಜೆ 7 ಗಂಟೆಗೆ.
ಆನ್‌ಲೈನ್ ಉಪನ್ಯಾಸ: ಕರ್ನಾಟಕ ಸಂಸ್ಕೃತಿ ಕುರಿತು, ಲಿಂಕ್: https://bit.ly/3euXxGn ಸಂಜೆ 6ರಿಂದ 7.30ರವರೆಗೆ.
ಮೈಸೂರು ಆಕಾಶವಾಣಿ
ಬೆಳಿಗ್ಗೆ : 6.05 ಪ್ರಾರಂಭ, 6.20 ಗೀತಾಮೃತ, 6.35 ಹಾಡು ಹಸೆ, 6.55 ವಾರ್ತೆ, 7.05 ಅಮೃತ ಸ್ವಾತಂತ್ರ್ಯ ಮಹೋತ್ಸವ ವಿಶೇಷ ಕಾರ್ಯಕ್ರಮ, 7.35 ಪ್ರದೇಶ ಸಮಾಚಾರ, 8.00 ಚಿತ್ರಗೀತೆಗಳು, 8.40 ಸಂಗೀತ ಸುಧೆ, 9.00 ನಮ್ಮ ಆರೋಗ್ಯ.
ಮಧ್ಯಾಹ್ನ : 12.00 ಕೃಷಿ ರಂಗ, 12.30 ಗ್ರಾಮೀಣ ಕಾರ್ಯಕ್ರಮ, 1.00 ವಾರ್ತೆ, 1.20 ಭಾವಗೀತೆಗಳು, 2.00 ಮಹಿಳೆಯರಿಗಾಗಿ, 3.00 ಯುವವಾಣಿ.
ಸಂಜೆ : 4.00 ಮಾಹಿತಿ ರಂಜನೆ, 5.30 ಸುಗಮ ಸಂಗೀತ, 6.00 ಜನಪದ ಗೀತೆಗಳು, 7.00 ವಾರ್ತೆಗಳು, 8.00 ನಾಟಕ, 9.30 ಶಾಸ್ತ್ರೀಯ ಸಂಗೀತ, 10.30 ಸಮಾಪ್ತಿ.
